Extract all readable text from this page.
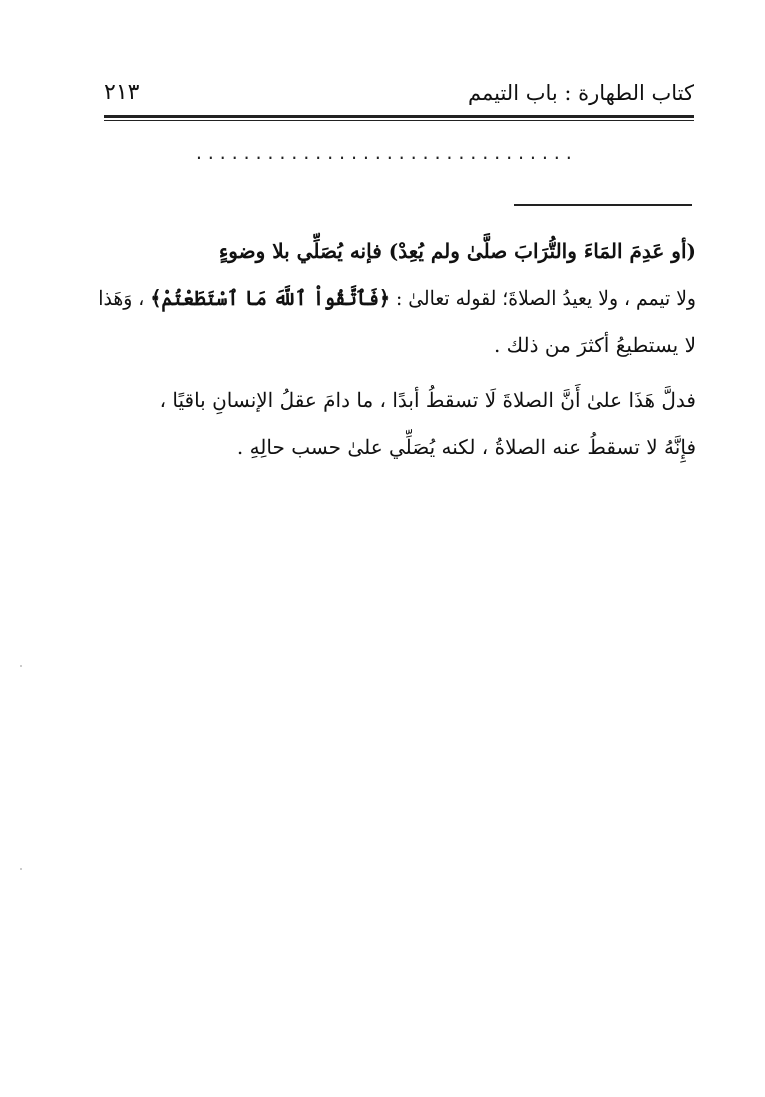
كتاب الطهارة : باب التيمم
٢١٣
................................
(أو عَدِمَ المَاءَ والتُّرَابَ صلَّىٰ ولم يُعِدْ) فإنه يُصَلِّي بلا وضوءٍ
ولا تيمم ، ولا يعيدُ الصلاةَ؛ لقوله تعالىٰ : ﴿فَٱتَّقُواْ ٱللَّهَ مَا ٱسْتَطَعْتُمْ﴾ ، وَهَذا
لا يستطيعُ أكثرَ من ذلك .
فدلَّ هَذَا علىٰ أَنَّ الصلاةَ لَا تسقطُ أبدًا ، ما دامَ عقلُ الإنسانِ باقيًا ،
فإِنَّهُ لا تسقطُ عنه الصلاةُ ، لكنه يُصَلِّي علىٰ حسب حالِهِ .
